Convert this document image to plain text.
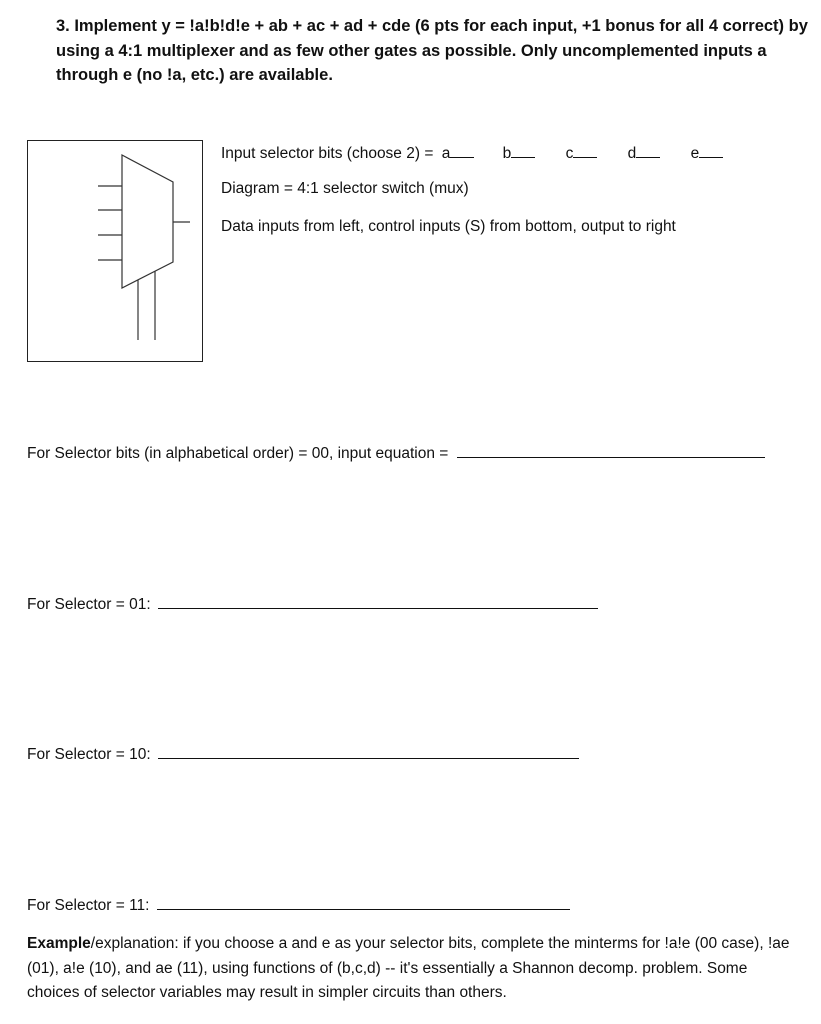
3. Implement y = !a!b!d!e + ab + ac + ad + cde (6 pts for each input, +1 bonus for all 4 correct) by using a 4:1 multiplexer and as few other gates as possible. Only uncomplemented inputs a through e (no !a, etc.) are available.
Input selector bits (choose 2) = a	b	c	d	e
Diagram = 4:1 selector switch (mux)
Data inputs from left, control inputs (S) from bottom, output to right
For Selector bits (in alphabetical order) = 00, input equation =
For Selector = 01:
For Selector = 10:
For Selector = 11:
Example/explanation: if you choose a and e as your selector bits, complete the minterms for !a!e (00 case), !ae (01), a!e (10), and ae (11), using functions of (b,c,d) -- it's essentially a Shannon decomp. problem. Some choices of selector variables may result in simpler circuits than others.
